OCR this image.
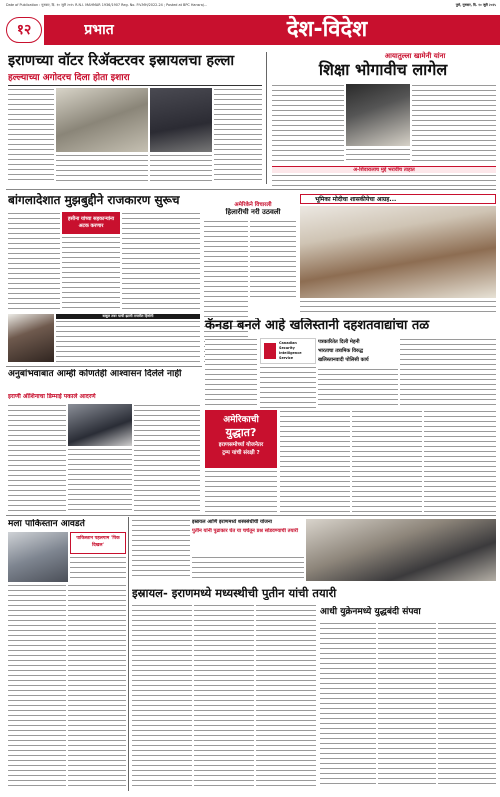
Date of Publication : गुरुवार, दि. १० जुलै २०२५ R.N.I. MAHMAR 1936/1907 Reg. No. P.V.MH/2022-24 ; Posted at BPC Hansraj...	पुणे, गुरुवार, दि. १० जुलै २०२५
१२	प्रभात	देश-विदेश
इराणच्या वॉटर रिॲक्टरवर इस्रायलचा हल्ला
हल्ल्याच्या अगोदरच दिला होता इशारा
आयातुल्ला खामेनी यांना
शिक्षा भोगावीच लागेल
अ-शिवारालाच मुद्दे भरावीच ताहात
बांगलादेशात मुझबुद्दीने राजकारण सुरूच
हसीना यांच्या सहकाऱ्यांना अटक करणार
बाबुल तवर याची झाली तप्तरीत हिषोनी
अमेरिकेने विचारली
हिलारीची नरी उठवली
भूमिका मोदीचा शासकीयेचा आग्रह...
कॅनडा बनले आहे खलिस्तानी दहशतवाद्यांचा तळ
Canadian
Security
Intelligence
Service
पत्रकारितेत दिली मेहनी
भारताचा तत्रामिक विरुद्ध
खलिस्तानवादी पोलिसी कार्य
अनुबांभवाबात आम्ही कोणतेही आश्वासन दिलेले नाही
इराणी ऑशिनाचा डिम्माई पकाले आदरणे
अमेरिकाची
युद्धात?
इराणसमोर्च्या योजनेतर
ट्रम्प यांची संरक्षी ?
मला पाकिस्तान आवडते
पाकिस्तान पहलगाम 'पिक दिखल'
इस्रायल आणि इराणमध्ये शस्त्रसंधीची योजना
पुतीन यांनी पुढाकार घेत या चर्चेतून प्रश्न सोडवण्याची तयारी
इस्रायल- इराणमध्ये मध्यस्थीची पुतीन यांची तयारी
आधी युक्रेनमध्ये युद्धबंदी संपवा
